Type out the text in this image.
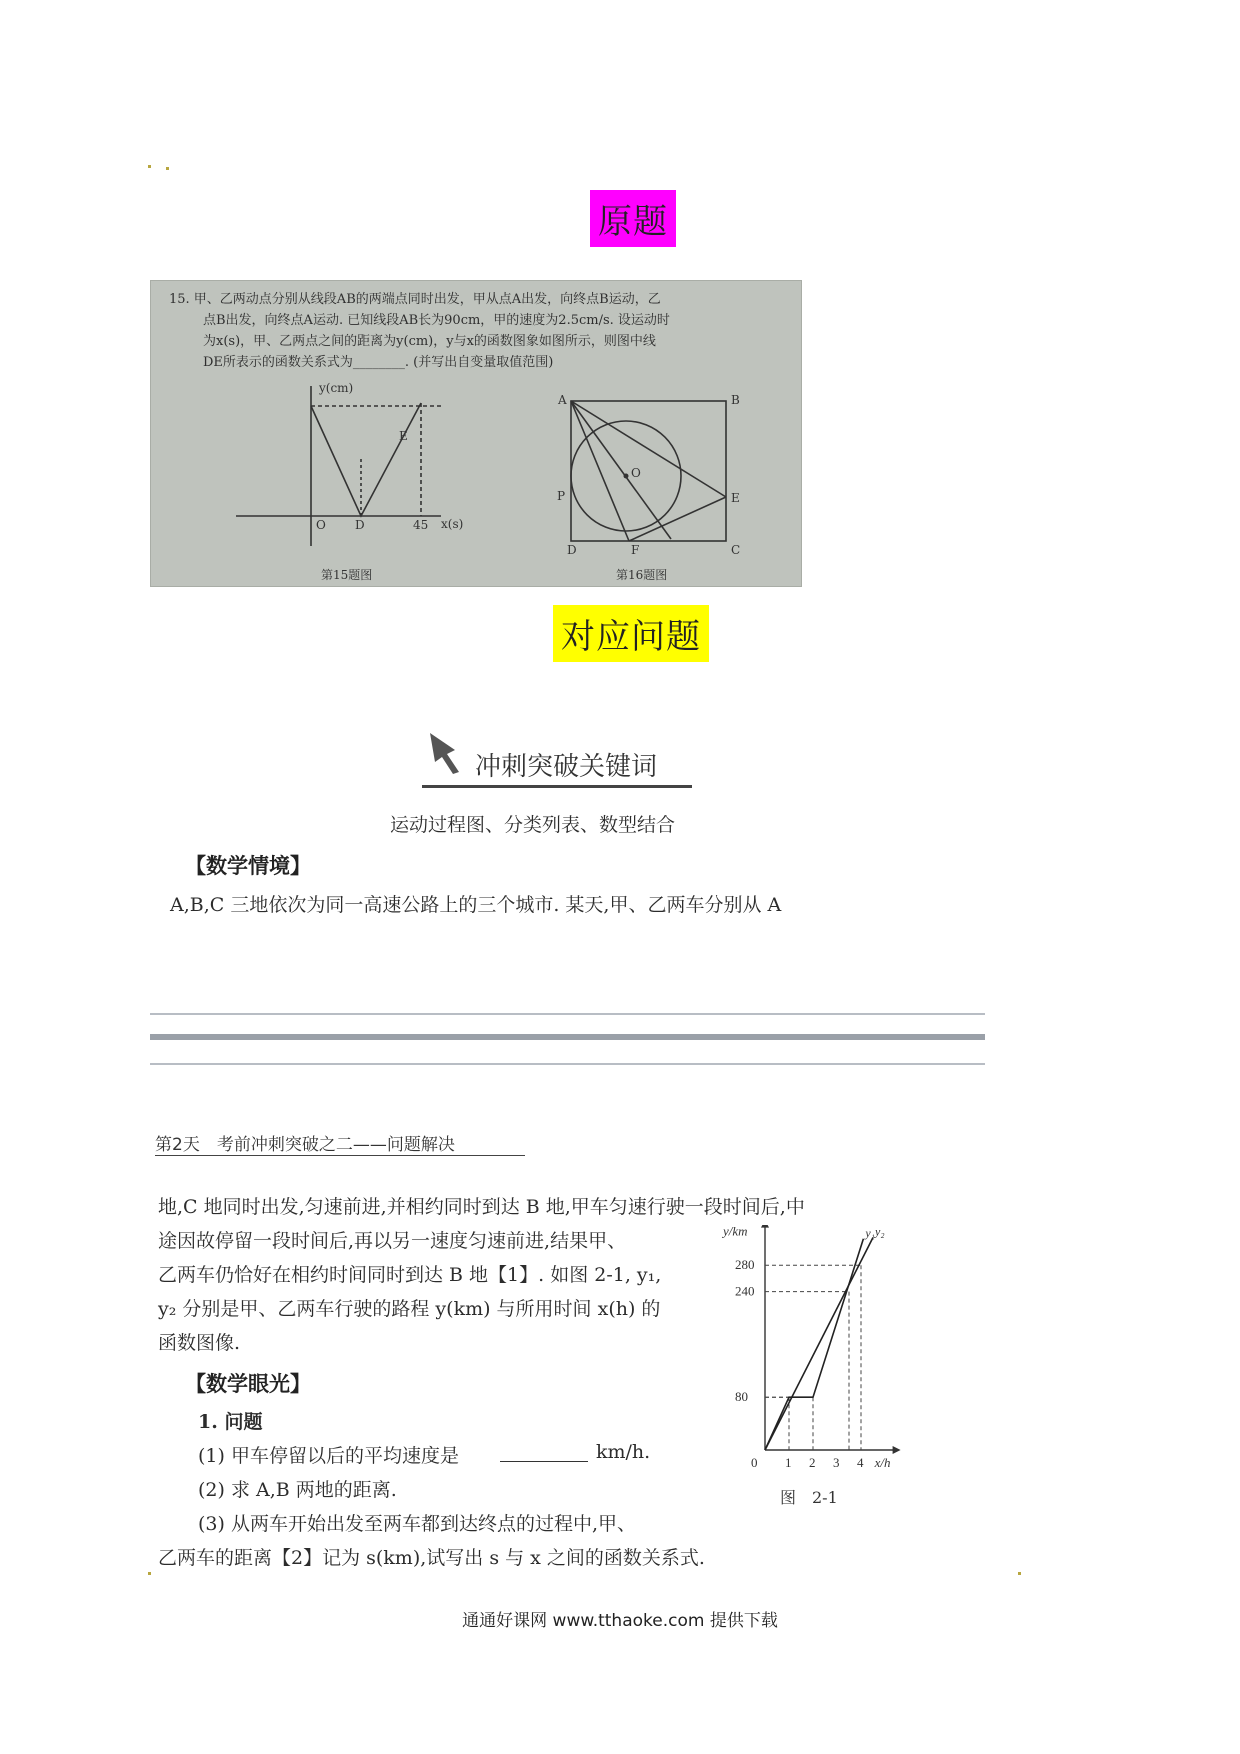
原题
15. 甲、乙两动点分别从线段AB的两端点同时出发，甲从点A出发，向终点B运动，乙
点B出发，向终点A运动. 已知线段AB长为90cm，甲的速度为2.5cm/s. 设运动时
为x(s)，甲、乙两点之间的距离为y(cm)，y与x的函数图象如图所示，则图中线
DE所表示的函数关系式为________. (并写出自变量取值范围)
y(cm)
x(s)
O D
E
45
第15题图
A	B
C
D
E
F
O
P
第16题图
对应问题
冲刺突破关键词
运动过程图、分类列表、数型结合
【数学情境】
A,B,C 三地依次为同一高速公路上的三个城市. 某天,甲、乙两车分别从 A
第2天　考前冲刺突破之二——问题解决
地,C 地同时出发,匀速前进,并相约同时到达 B 地,甲车匀速行驶一段时间后,中
途因故停留一段时间后,再以另一速度匀速前进,结果甲、
乙两车仍恰好在相约时间同时到达 B 地【1】. 如图 2-1, y₁,
y₂ 分别是甲、乙两车行驶的路程 y(km) 与所用时间 x(h) 的
函数图像.
【数学眼光】
1. 问题
(1) 甲车停留以后的平均速度是	km/h.
(2) 求 A,B 两地的距离.
(3) 从两车开始出发至两车都到达终点的过程中,甲、
乙两车的距离【2】记为 s(km),试写出 s 与 x 之间的函数关系式.
y₁ y₂
1 2 3 4
80
240
280
0	x/h
y/km
图　2-1
通通好课网 www.tthaoke.com 提供下载
